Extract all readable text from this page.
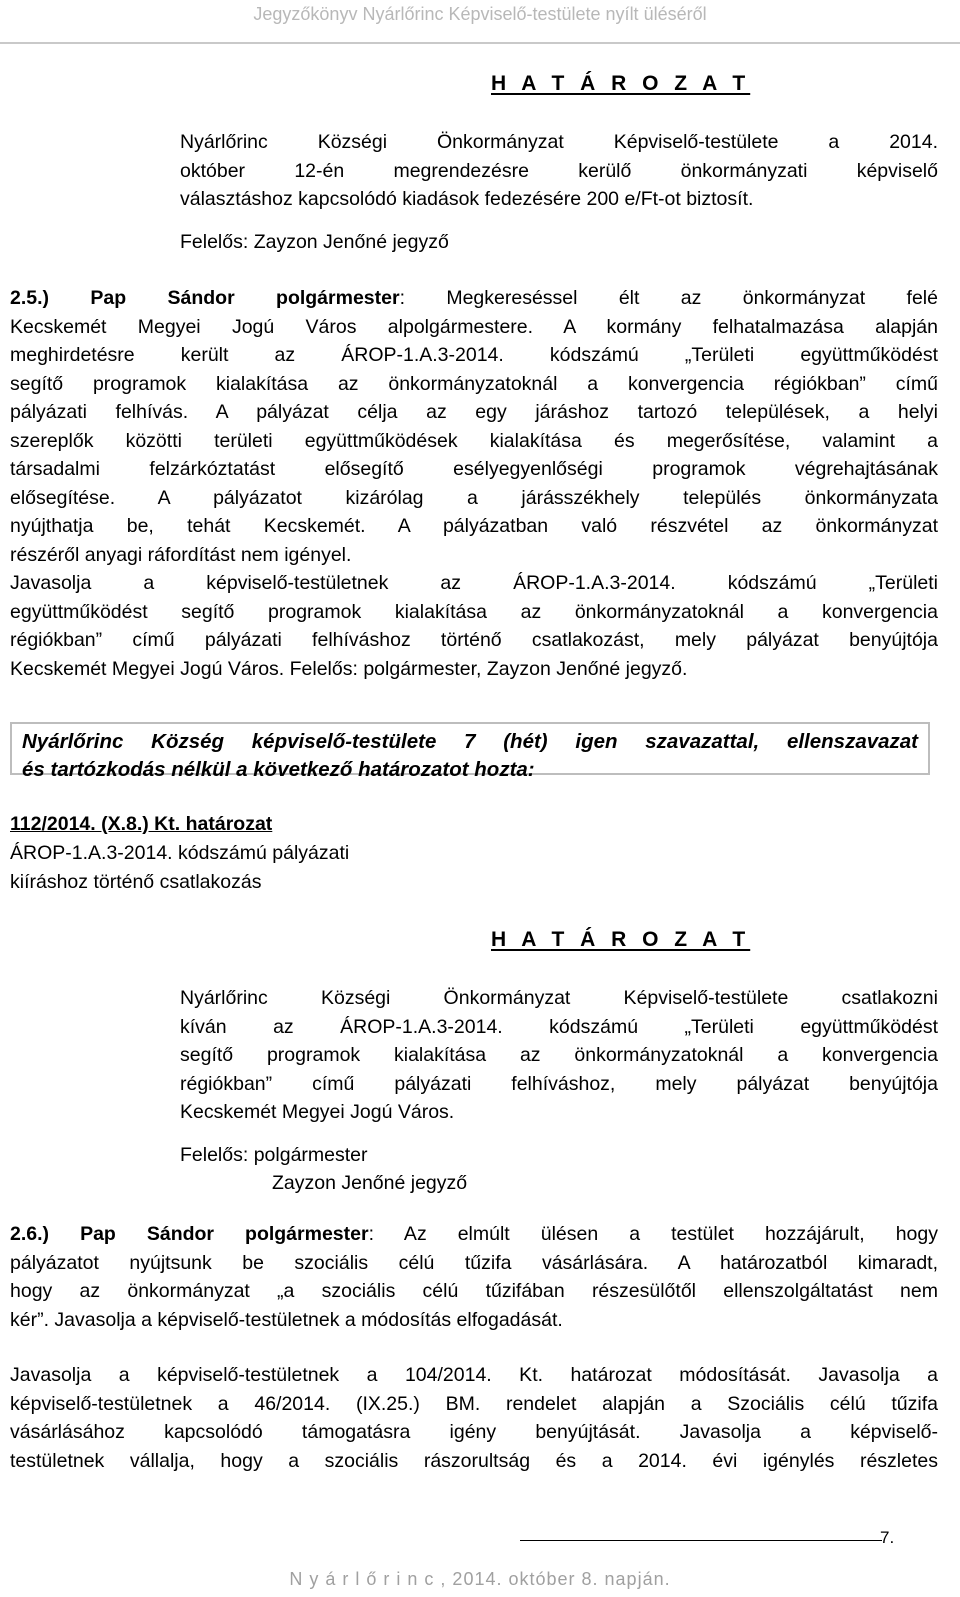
Jegyzőkönyv Nyárlőrinc Képviselő-testülete nyílt üléséről
H A T Á R O Z A T
Nyárlőrinc Községi Önkormányzat Képviselő-testülete a 2014.
október 12-én megrendezésre kerülő önkormányzati képviselő
választáshoz kapcsolódó kiadások fedezésére 200 e/Ft-ot biztosít.
Felelős: Zayzon Jenőné jegyző
2.5.) Pap Sándor polgármester: Megkereséssel élt az önkormányzat felé
Kecskemét Megyei Jogú Város alpolgármestere. A kormány felhatalmazása alapján
meghirdetésre került az ÁROP-1.A.3-2014. kódszámú „Területi együttműködést
segítő programok kialakítása az önkormányzatoknál a konvergencia régiókban” című
pályázati felhívás. A pályázat célja az egy járáshoz tartozó települések, a helyi
szereplők közötti területi együttműködések kialakítása és megerősítése, valamint a
társadalmi felzárkóztatást elősegítő esélyegyenlőségi programok végrehajtásának
elősegítése. A pályázatot kizárólag a járásszékhely település önkormányzata
nyújthatja be, tehát Kecskemét. A pályázatban való részvétel az önkormányzat
részéről anyagi ráfordítást nem igényel.
Javasolja a képviselő-testületnek az ÁROP-1.A.3-2014. kódszámú „Területi
együttműködést segítő programok kialakítása az önkormányzatoknál a konvergencia
régiókban” című pályázati felhíváshoz történő csatlakozást, mely pályázat benyújtója
Kecskemét Megyei Jogú Város. Felelős: polgármester, Zayzon Jenőné jegyző.
Nyárlőrinc Község képviselő-testülete 7 (hét) igen szavazattal, ellenszavazat
és tartózkodás nélkül a következő határozatot hozta:
112/2014. (X.8.) Kt. határozat
ÁROP-1.A.3-2014. kódszámú pályázati
kiíráshoz történő csatlakozás
H A T Á R O Z A T
Nyárlőrinc Községi Önkormányzat Képviselő-testülete csatlakozni
kíván az ÁROP-1.A.3-2014. kódszámú „Területi együttműködést
segítő programok kialakítása az önkormányzatoknál a konvergencia
régiókban” című pályázati felhíváshoz, mely pályázat benyújtója
Kecskemét Megyei Jogú Város.
Felelős: polgármester
Zayzon Jenőné jegyző
2.6.) Pap Sándor polgármester: Az elmúlt ülésen a testület hozzájárult, hogy
pályázatot nyújtsunk be szociális célú tűzifa vásárlására. A határozatból kimaradt,
hogy az önkormányzat „a szociális célú tűzifában részesülőtől ellenszolgáltatást nem
kér”. Javasolja a képviselő-testületnek a módosítás elfogadását.
Javasolja a képviselő-testületnek a 104/2014. Kt. határozat módosítását. Javasolja a
képviselő-testületnek a 46/2014. (IX.25.) BM. rendelet alapján a Szociális célú tűzifa
vásárlásához kapcsolódó támogatásra igény benyújtását. Javasolja a képviselő-
testületnek vállalja, hogy a szociális rászorultság és a 2014. évi igénylés részletes
7.
N y á r l ő r i n c , 2014. október 8. napján.
